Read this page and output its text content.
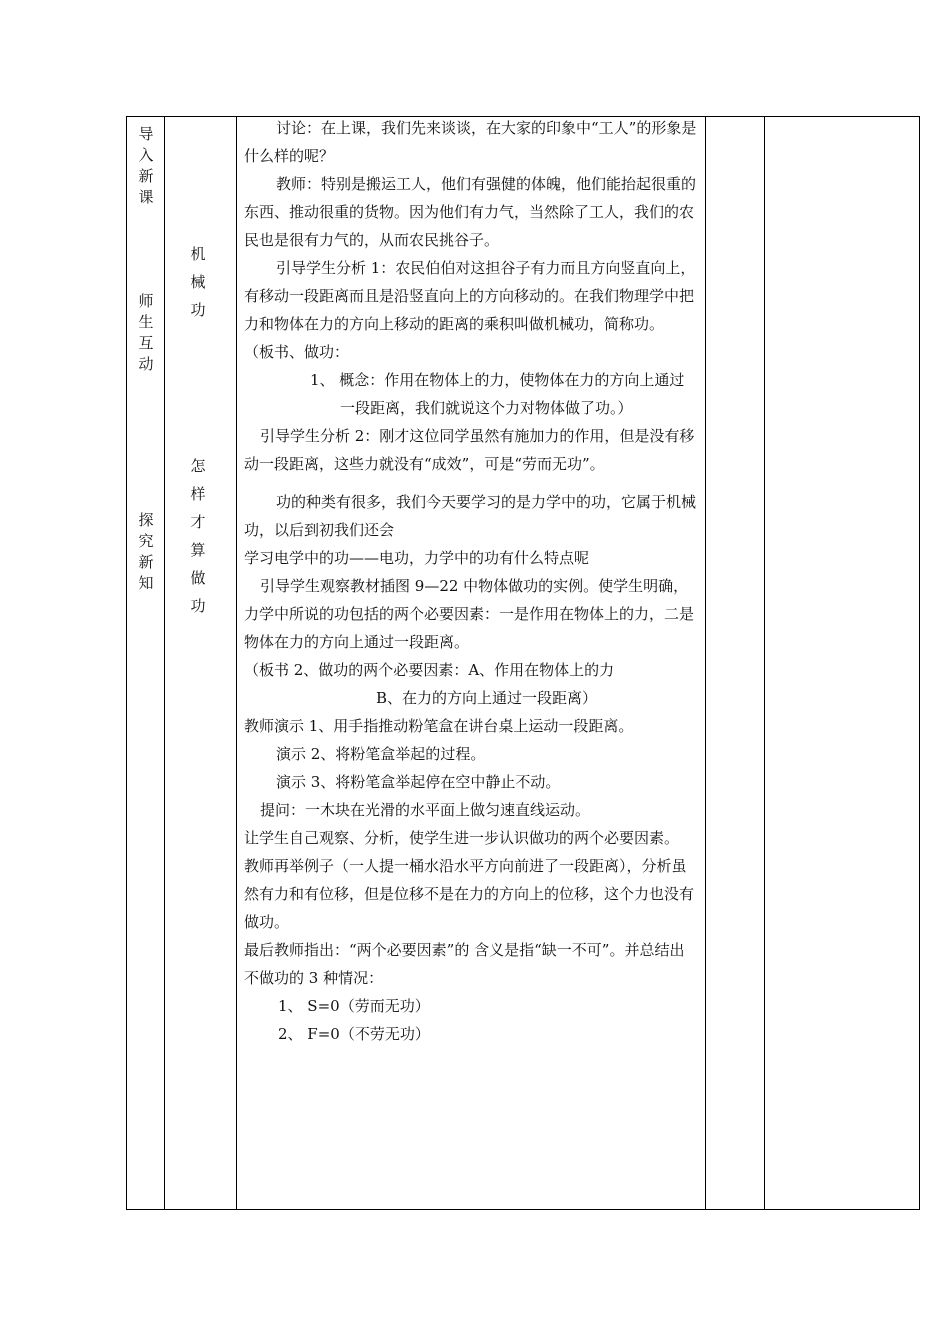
导入新课
师生互动
探究新知
机械功
怎样才算做功

讨论：在上课，我们先来谈谈，在大家的印象中“工人”的形象是什么样的呢？

教师：特别是搬运工人，他们有强健的体魄，他们能抬起很重的东西、推动很重的货物。因为他们有力气，当然除了工人，我们的农民也是很有力气的，从而农民挑谷子。

引导学生分析 1：农民伯伯对这担谷子有力而且方向竖直向上，有移动一段距离而且是沿竖直向上的方向移动的。在我们物理学中把力和物体在力的方向上移动的距离的乘积叫做机械功，简称功。

（板书、做功：

1、 概念：作用在物体上的力，使物体在力的方向上通过一段距离，我们就说这个力对物体做了功。）

引导学生分析 2：刚才这位同学虽然有施加力的作用，但是没有移动一段距离，这些力就没有“成效”，可是“劳而无功”。

功的种类有很多，我们今天要学习的是力学中的功，它属于机械功，以后到初我们还会

学习电学中的功——电功，力学中的功有什么特点呢

引导学生观察教材插图 9—22 中物体做功的实例。使学生明确，力学中所说的功包括的两个必要因素：一是作用在物体上的力，二是物体在力的方向上通过一段距离。

（板书 2、做功的两个必要因素：A、作用在物体上的力

B、在力的方向上通过一段距离）

教师演示 1、用手指推动粉笔盒在讲台桌上运动一段距离。

演示 2、将粉笔盒举起的过程。

演示 3、将粉笔盒举起停在空中静止不动。

提问：一木块在光滑的水平面上做匀速直线运动。

让学生自己观察、分析，使学生进一步认识做功的两个必要因素。

教师再举例子（一人提一桶水沿水平方向前进了一段距离），分析虽然有力和有位移，但是位移不是在力的方向上的位移，这个力也没有做功。

最后教师指出：“两个必要因素”的 含义是指“缺一不可”。并总结出不做功的 3 种情况：

1、 S=0（劳而无功）

2、 F=0（不劳无功）
